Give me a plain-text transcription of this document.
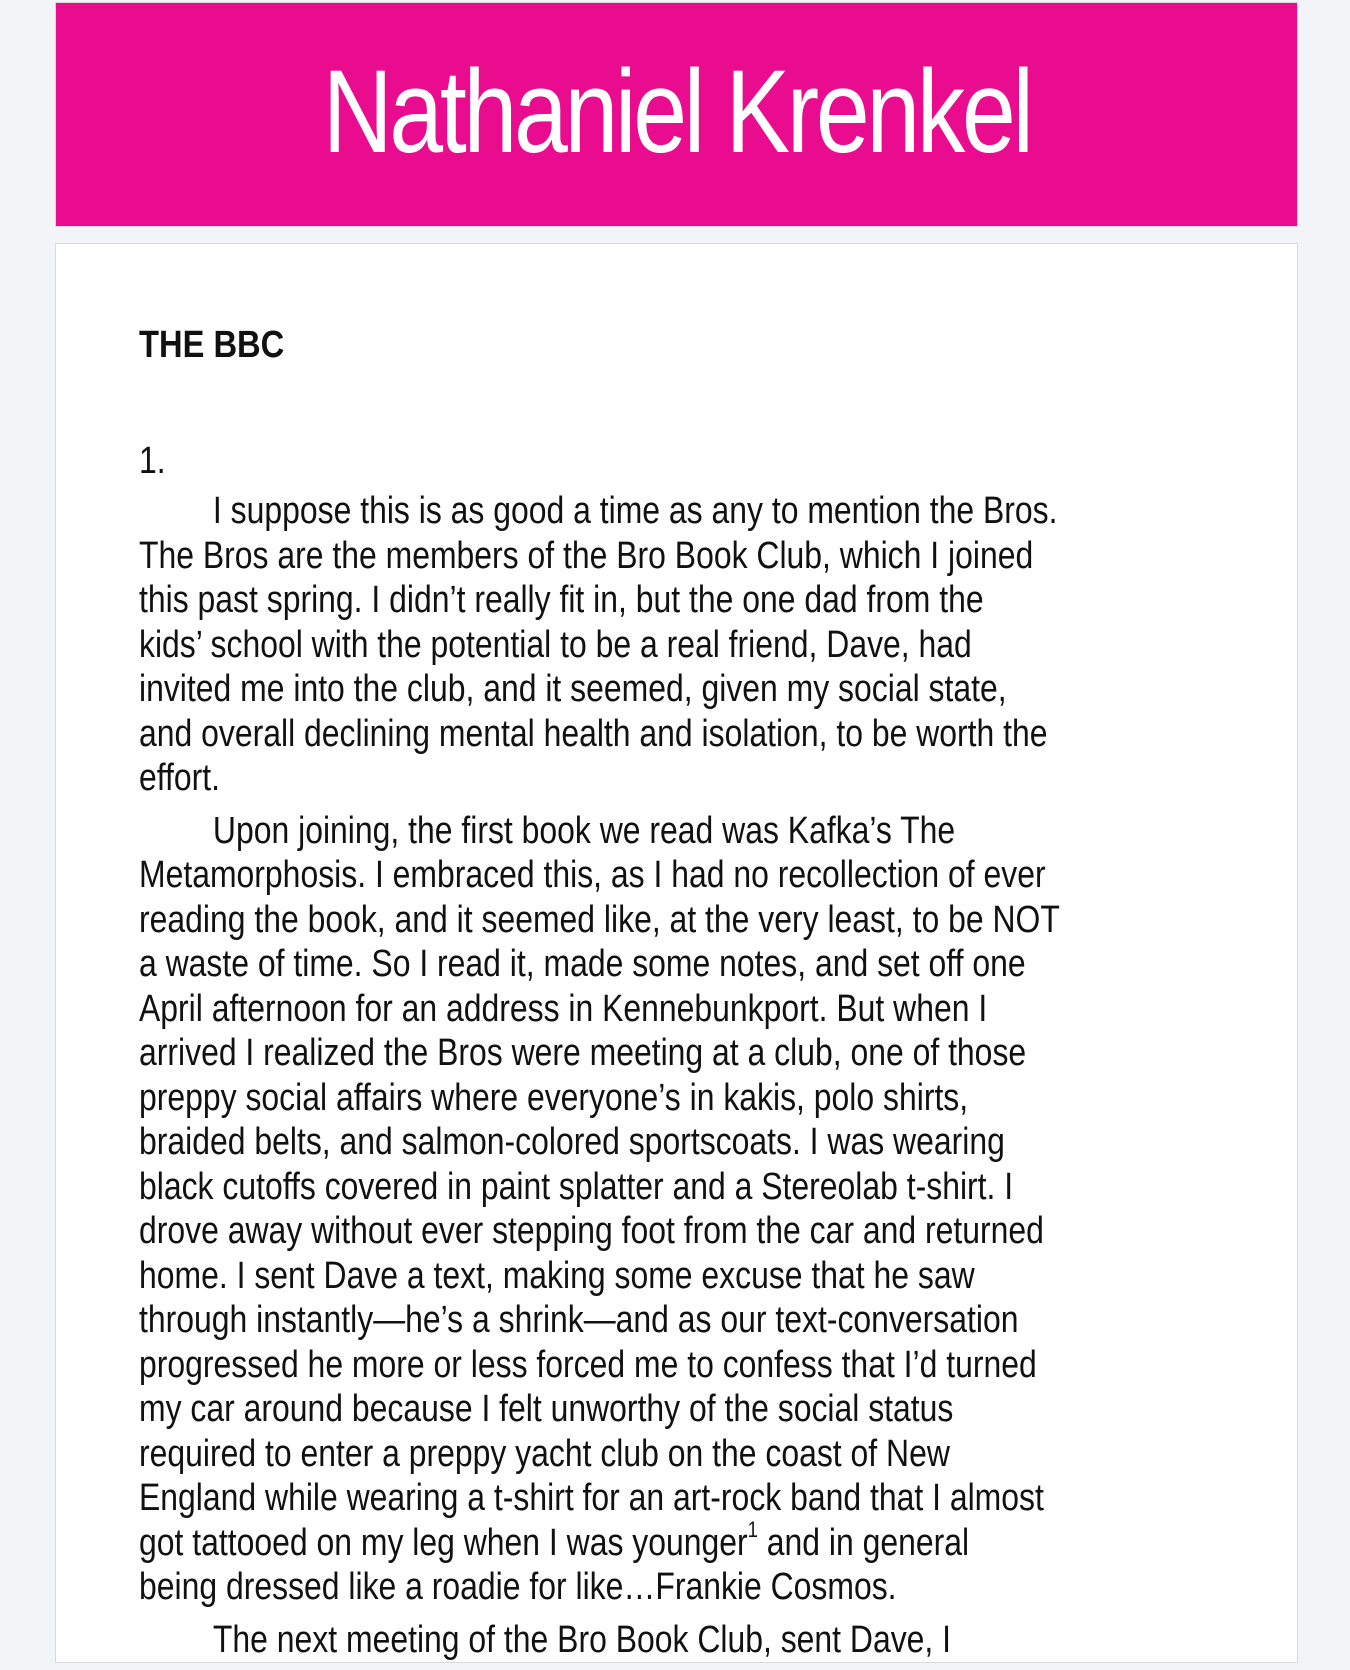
Nathaniel Krenkel
THE BBC
1.

I suppose this is as good a time as any to mention the Bros.
The Bros are the members of the Bro Book Club, which I joined
this past spring. I didn’t really fit in, but the one dad from the
kids’ school with the potential to be a real friend, Dave, had
invited me into the club, and it seemed, given my social state,
and overall declining mental health and isolation, to be worth the
effort.

Upon joining, the first book we read was Kafka’s The
Metamorphosis. I embraced this, as I had no recollection of ever
reading the book, and it seemed like, at the very least, to be NOT
a waste of time. So I read it, made some notes, and set off one
April afternoon for an address in Kennebunkport. But when I
arrived I realized the Bros were meeting at a club, one of those
preppy social affairs where everyone’s in kakis, polo shirts,
braided belts, and salmon-colored sportscoats. I was wearing
black cutoffs covered in paint splatter and a Stereolab t-shirt. I
drove away without ever stepping foot from the car and returned
home. I sent Dave a text, making some excuse that he saw
through instantly—he’s a shrink—and as our text-conversation
progressed he more or less forced me to confess that I’d turned
my car around because I felt unworthy of the social status
required to enter a preppy yacht club on the coast of New
England while wearing a t-shirt for an art-rock band that I almost
got tattooed on my leg when I was younger$^1$ and in general
being dressed like a roadie for like…Frankie Cosmos.

The next meeting of the Bro Book Club, sent Dave, I
